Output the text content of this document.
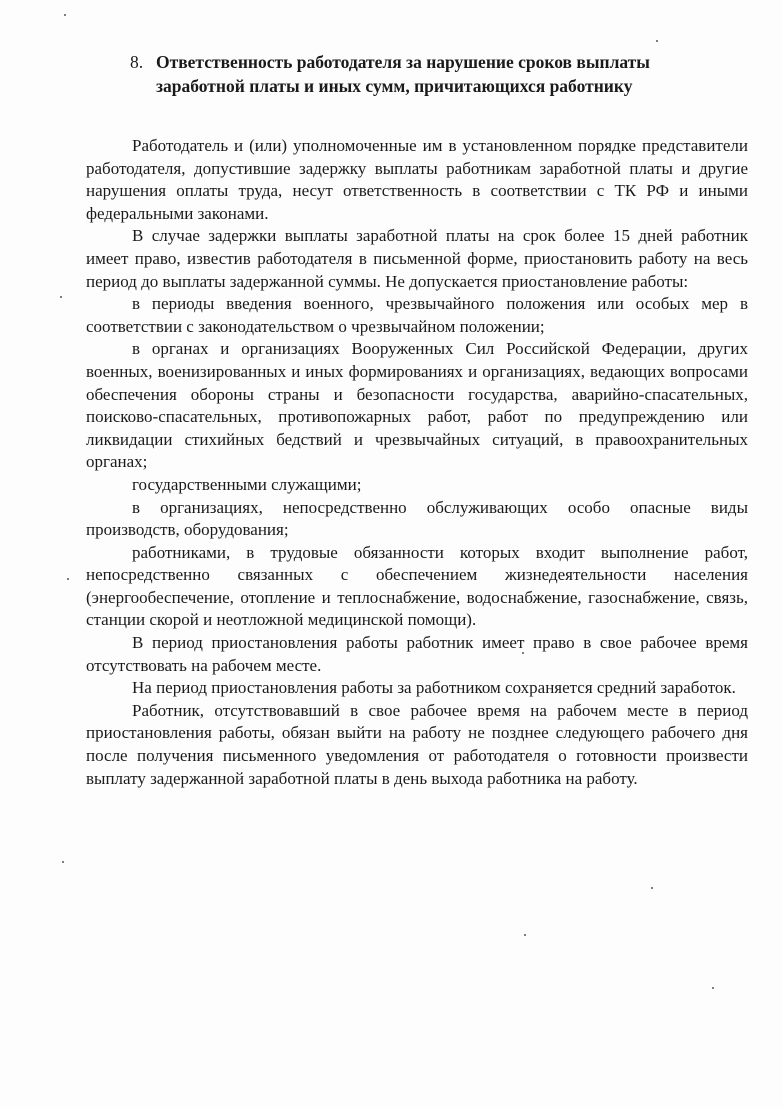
8. Ответственность работодателя за нарушение сроков выплаты
заработной платы и иных сумм, причитающихся работнику

Работодатель и (или) уполномоченные им в установленном порядке представители работодателя, допустившие задержку выплаты работникам заработной платы и другие нарушения оплаты труда, несут ответственность в соответствии с ТК РФ и иными федеральными законами.

В случае задержки выплаты заработной платы на срок более 15 дней работник имеет право, известив работодателя в письменной форме, приостановить работу на весь период до выплаты задержанной суммы. Не допускается приостановление работы:

в периоды введения военного, чрезвычайного положения или особых мер в соответствии с законодательством о чрезвычайном положении;

в органах и организациях Вооруженных Сил Российской Федерации, других военных, военизированных и иных формированиях и организациях, ведающих вопросами обеспечения обороны страны и безопасности государства, аварийно-спасательных, поисково-спасательных, противопожарных работ, работ по предупреждению или ликвидации стихийных бедствий и чрезвычайных ситуаций, в правоохранительных органах;

государственными служащими;

в организациях, непосредственно обслуживающих особо опасные виды производств, оборудования;

работниками, в трудовые обязанности которых входит выполнение работ, непосредственно связанных с обеспечением жизнедеятельности населения (энергообеспечение, отопление и теплоснабжение, водоснабжение, газоснабжение, связь, станции скорой и неотложной медицинской помощи).

В период приостановления работы работник имеет право в свое рабочее время отсутствовать на рабочем месте.

На период приостановления работы за работником сохраняется средний заработок.

Работник, отсутствовавший в свое рабочее время на рабочем месте в период приостановления работы, обязан выйти на работу не позднее следующего рабочего дня после получения письменного уведомления от работодателя о готовности произвести выплату задержанной заработной платы в день выхода работника на работу.
